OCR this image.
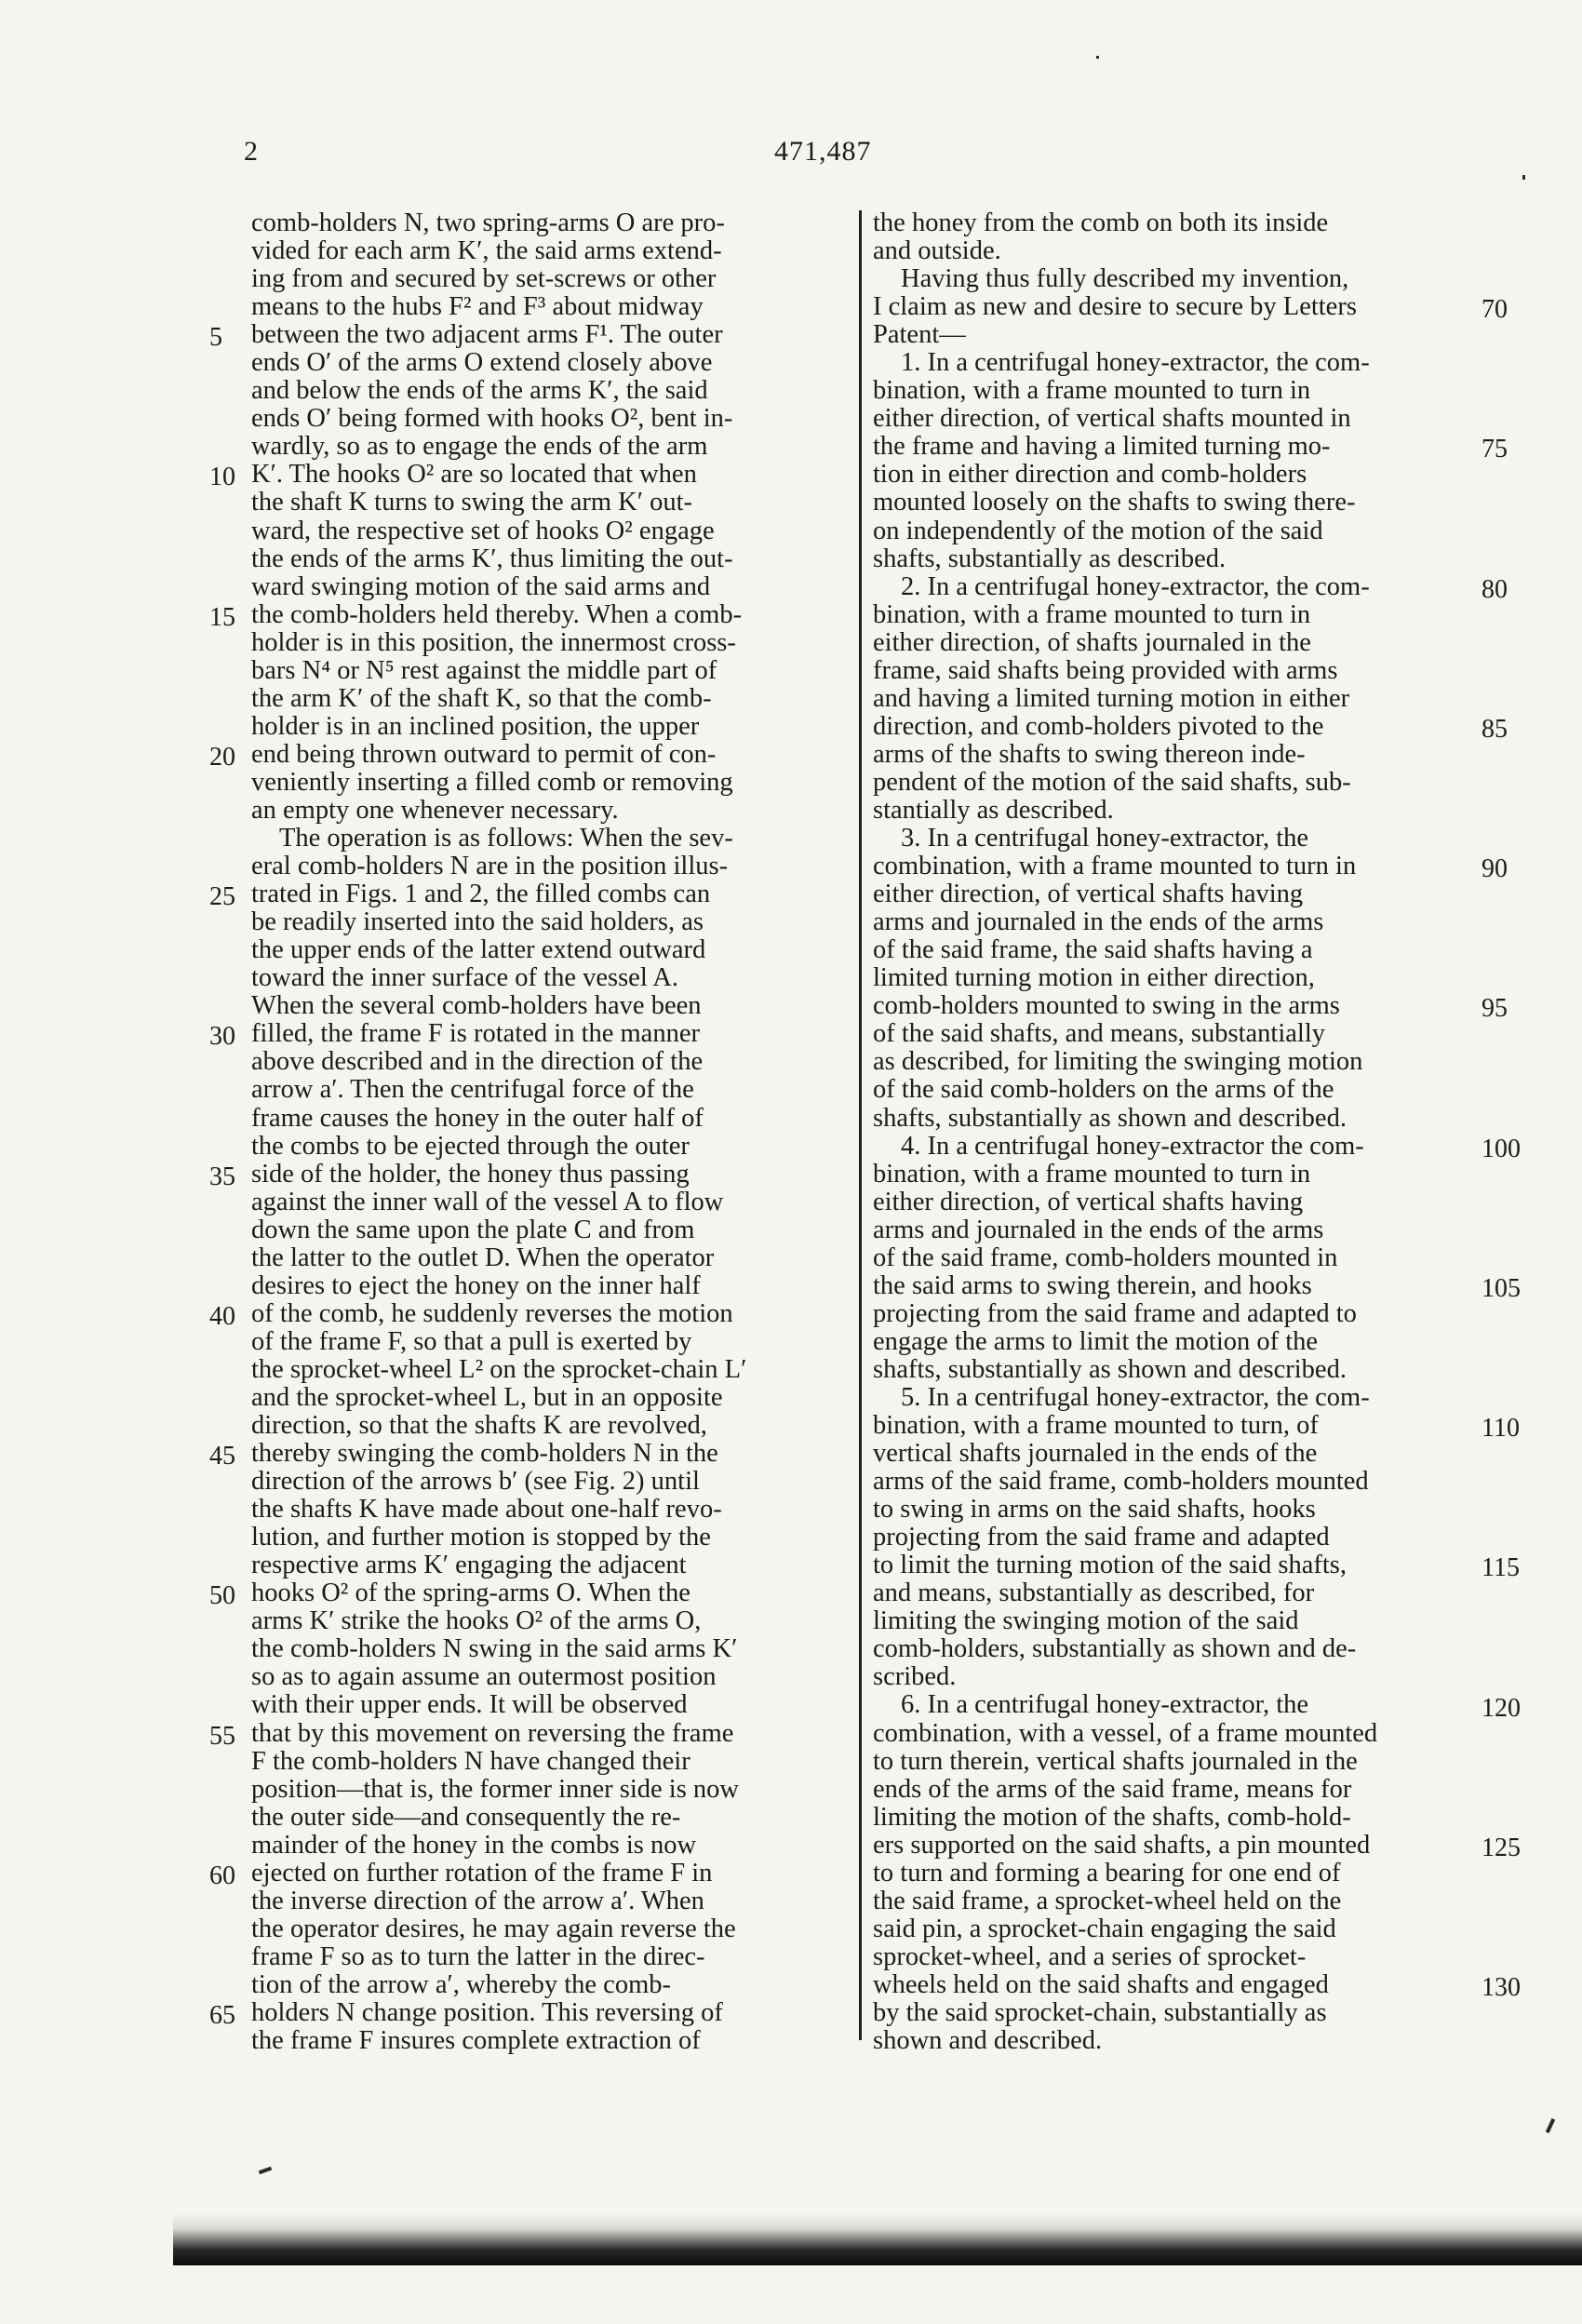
2	471,487
comb-holders N, two spring-arms O are pro-
vided for each arm K′, the said arms extend-
ing from and secured by set-screws or other
means to the hubs F² and F³ about midway
between the two adjacent arms F¹. The outer
ends O′ of the arms O extend closely above
and below the ends of the arms K′, the said
ends O′ being formed with hooks O², bent in-
wardly, so as to engage the ends of the arm
K′. The hooks O² are so located that when
the shaft K turns to swing the arm K′ out-
ward, the respective set of hooks O² engage
the ends of the arms K′, thus limiting the out-
ward swinging motion of the said arms and
the comb-holders held thereby. When a comb-
holder is in this position, the innermost cross-
bars N⁴ or N⁵ rest against the middle part of
the arm K′ of the shaft K, so that the comb-
holder is in an inclined position, the upper
end being thrown outward to permit of con-
veniently inserting a filled comb or removing
an empty one whenever necessary.
The operation is as follows: When the sev-
eral comb-holders N are in the position illus-
trated in Figs. 1 and 2, the filled combs can
be readily inserted into the said holders, as
the upper ends of the latter extend outward
toward the inner surface of the vessel A.
When the several comb-holders have been
filled, the frame F is rotated in the manner
above described and in the direction of the
arrow a′. Then the centrifugal force of the
frame causes the honey in the outer half of
the combs to be ejected through the outer
side of the holder, the honey thus passing
against the inner wall of the vessel A to flow
down the same upon the plate C and from
the latter to the outlet D. When the operator
desires to eject the honey on the inner half
of the comb, he suddenly reverses the motion
of the frame F, so that a pull is exerted by
the sprocket-wheel L² on the sprocket-chain L′
and the sprocket-wheel L, but in an opposite
direction, so that the shafts K are revolved,
thereby swinging the comb-holders N in the
direction of the arrows b′ (see Fig. 2) until
the shafts K have made about one-half revo-
lution, and further motion is stopped by the
respective arms K′ engaging the adjacent
hooks O² of the spring-arms O. When the
arms K′ strike the hooks O² of the arms O,
the comb-holders N swing in the said arms K′
so as to again assume an outermost position
with their upper ends. It will be observed
that by this movement on reversing the frame
F the comb-holders N have changed their
position—that is, the former inner side is now
the outer side—and consequently the re-
mainder of the honey in the combs is now
ejected on further rotation of the frame F in
the inverse direction of the arrow a′. When
the operator desires, he may again reverse the
frame F so as to turn the latter in the direc-
tion of the arrow a′, whereby the comb-
holders N change position. This reversing of
the frame F insures complete extraction of
the honey from the comb on both its inside
and outside.
Having thus fully described my invention,
I claim as new and desire to secure by Letters
Patent—
1. In a centrifugal honey-extractor, the com-
bination, with a frame mounted to turn in
either direction, of vertical shafts mounted in
the frame and having a limited turning mo-
tion in either direction and comb-holders
mounted loosely on the shafts to swing there-
on independently of the motion of the said
shafts, substantially as described.
2. In a centrifugal honey-extractor, the com-
bination, with a frame mounted to turn in
either direction, of shafts journaled in the
frame, said shafts being provided with arms
and having a limited turning motion in either
direction, and comb-holders pivoted to the
arms of the shafts to swing thereon inde-
pendent of the motion of the said shafts, sub-
stantially as described.
3. In a centrifugal honey-extractor, the
combination, with a frame mounted to turn in
either direction, of vertical shafts having
arms and journaled in the ends of the arms
of the said frame, the said shafts having a
limited turning motion in either direction,
comb-holders mounted to swing in the arms
of the said shafts, and means, substantially
as described, for limiting the swinging motion
of the said comb-holders on the arms of the
shafts, substantially as shown and described.
4. In a centrifugal honey-extractor the com-
bination, with a frame mounted to turn in
either direction, of vertical shafts having
arms and journaled in the ends of the arms
of the said frame, comb-holders mounted in
the said arms to swing therein, and hooks
projecting from the said frame and adapted to
engage the arms to limit the motion of the
shafts, substantially as shown and described.
5. In a centrifugal honey-extractor, the com-
bination, with a frame mounted to turn, of
vertical shafts journaled in the ends of the
arms of the said frame, comb-holders mounted
to swing in arms on the said shafts, hooks
projecting from the said frame and adapted
to limit the turning motion of the said shafts,
and means, substantially as described, for
limiting the swinging motion of the said
comb-holders, substantially as shown and de-
scribed.
6. In a centrifugal honey-extractor, the
combination, with a vessel, of a frame mounted
to turn therein, vertical shafts journaled in the
ends of the arms of the said frame, means for
limiting the motion of the shafts, comb-hold-
ers supported on the said shafts, a pin mounted
to turn and forming a bearing for one end of
the said frame, a sprocket-wheel held on the
said pin, a sprocket-chain engaging the said
sprocket-wheel, and a series of sprocket-
wheels held on the said shafts and engaged
by the said sprocket-chain, substantially as
shown and described.
5
10
15
20
25
30
35
40
45
50
55
60
65
70
75
80
85
90
95
100
105
110
115
120
125
130
